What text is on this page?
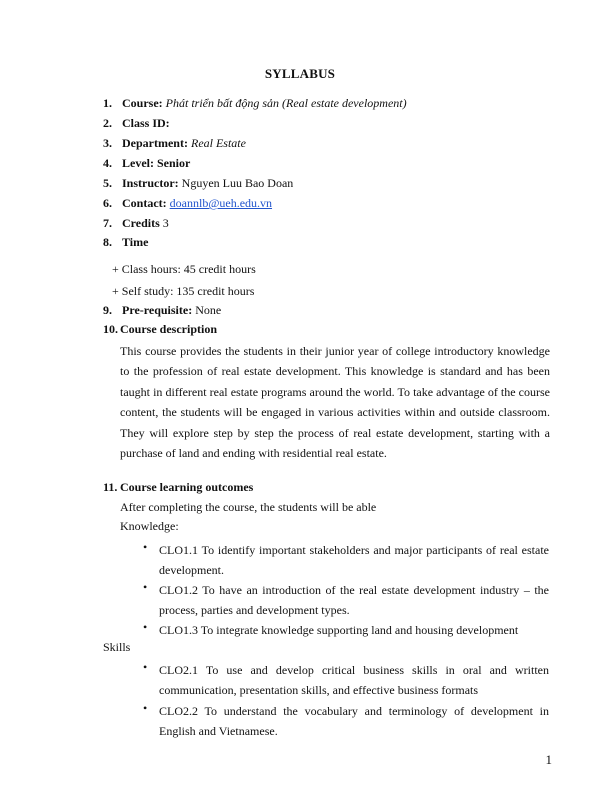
SYLLABUS
1. Course: Phát triển bất động sản (Real estate development)
2. Class ID:
3. Department: Real Estate
4. Level: Senior
5. Instructor: Nguyen Luu Bao Doan
6. Contact: doannlb@ueh.edu.vn
7. Credits 3
8. Time
+ Class hours: 45 credit hours
+ Self study: 135 credit hours
9. Pre-requisite: None
10. Course description
This course provides the students in their junior year of college introductory knowledge to the profession of real estate development. This knowledge is standard and has been taught in different real estate programs around the world. To take advantage of the course content, the students will be engaged in various activities within and outside classroom. They will explore step by step the process of real estate development, starting with a purchase of land and ending with residential real estate.
11. Course learning outcomes
After completing the course, the students will be able
Knowledge:
• CLO1.1 To identify important stakeholders and major participants of real estate development.
• CLO1.2 To have an introduction of the real estate development industry – the process, parties and development types.
• CLO1.3 To integrate knowledge supporting land and housing development
Skills
• CLO2.1 To use and develop critical business skills in oral and written communication, presentation skills, and effective business formats
• CLO2.2 To understand the vocabulary and terminology of development in English and Vietnamese.
1
